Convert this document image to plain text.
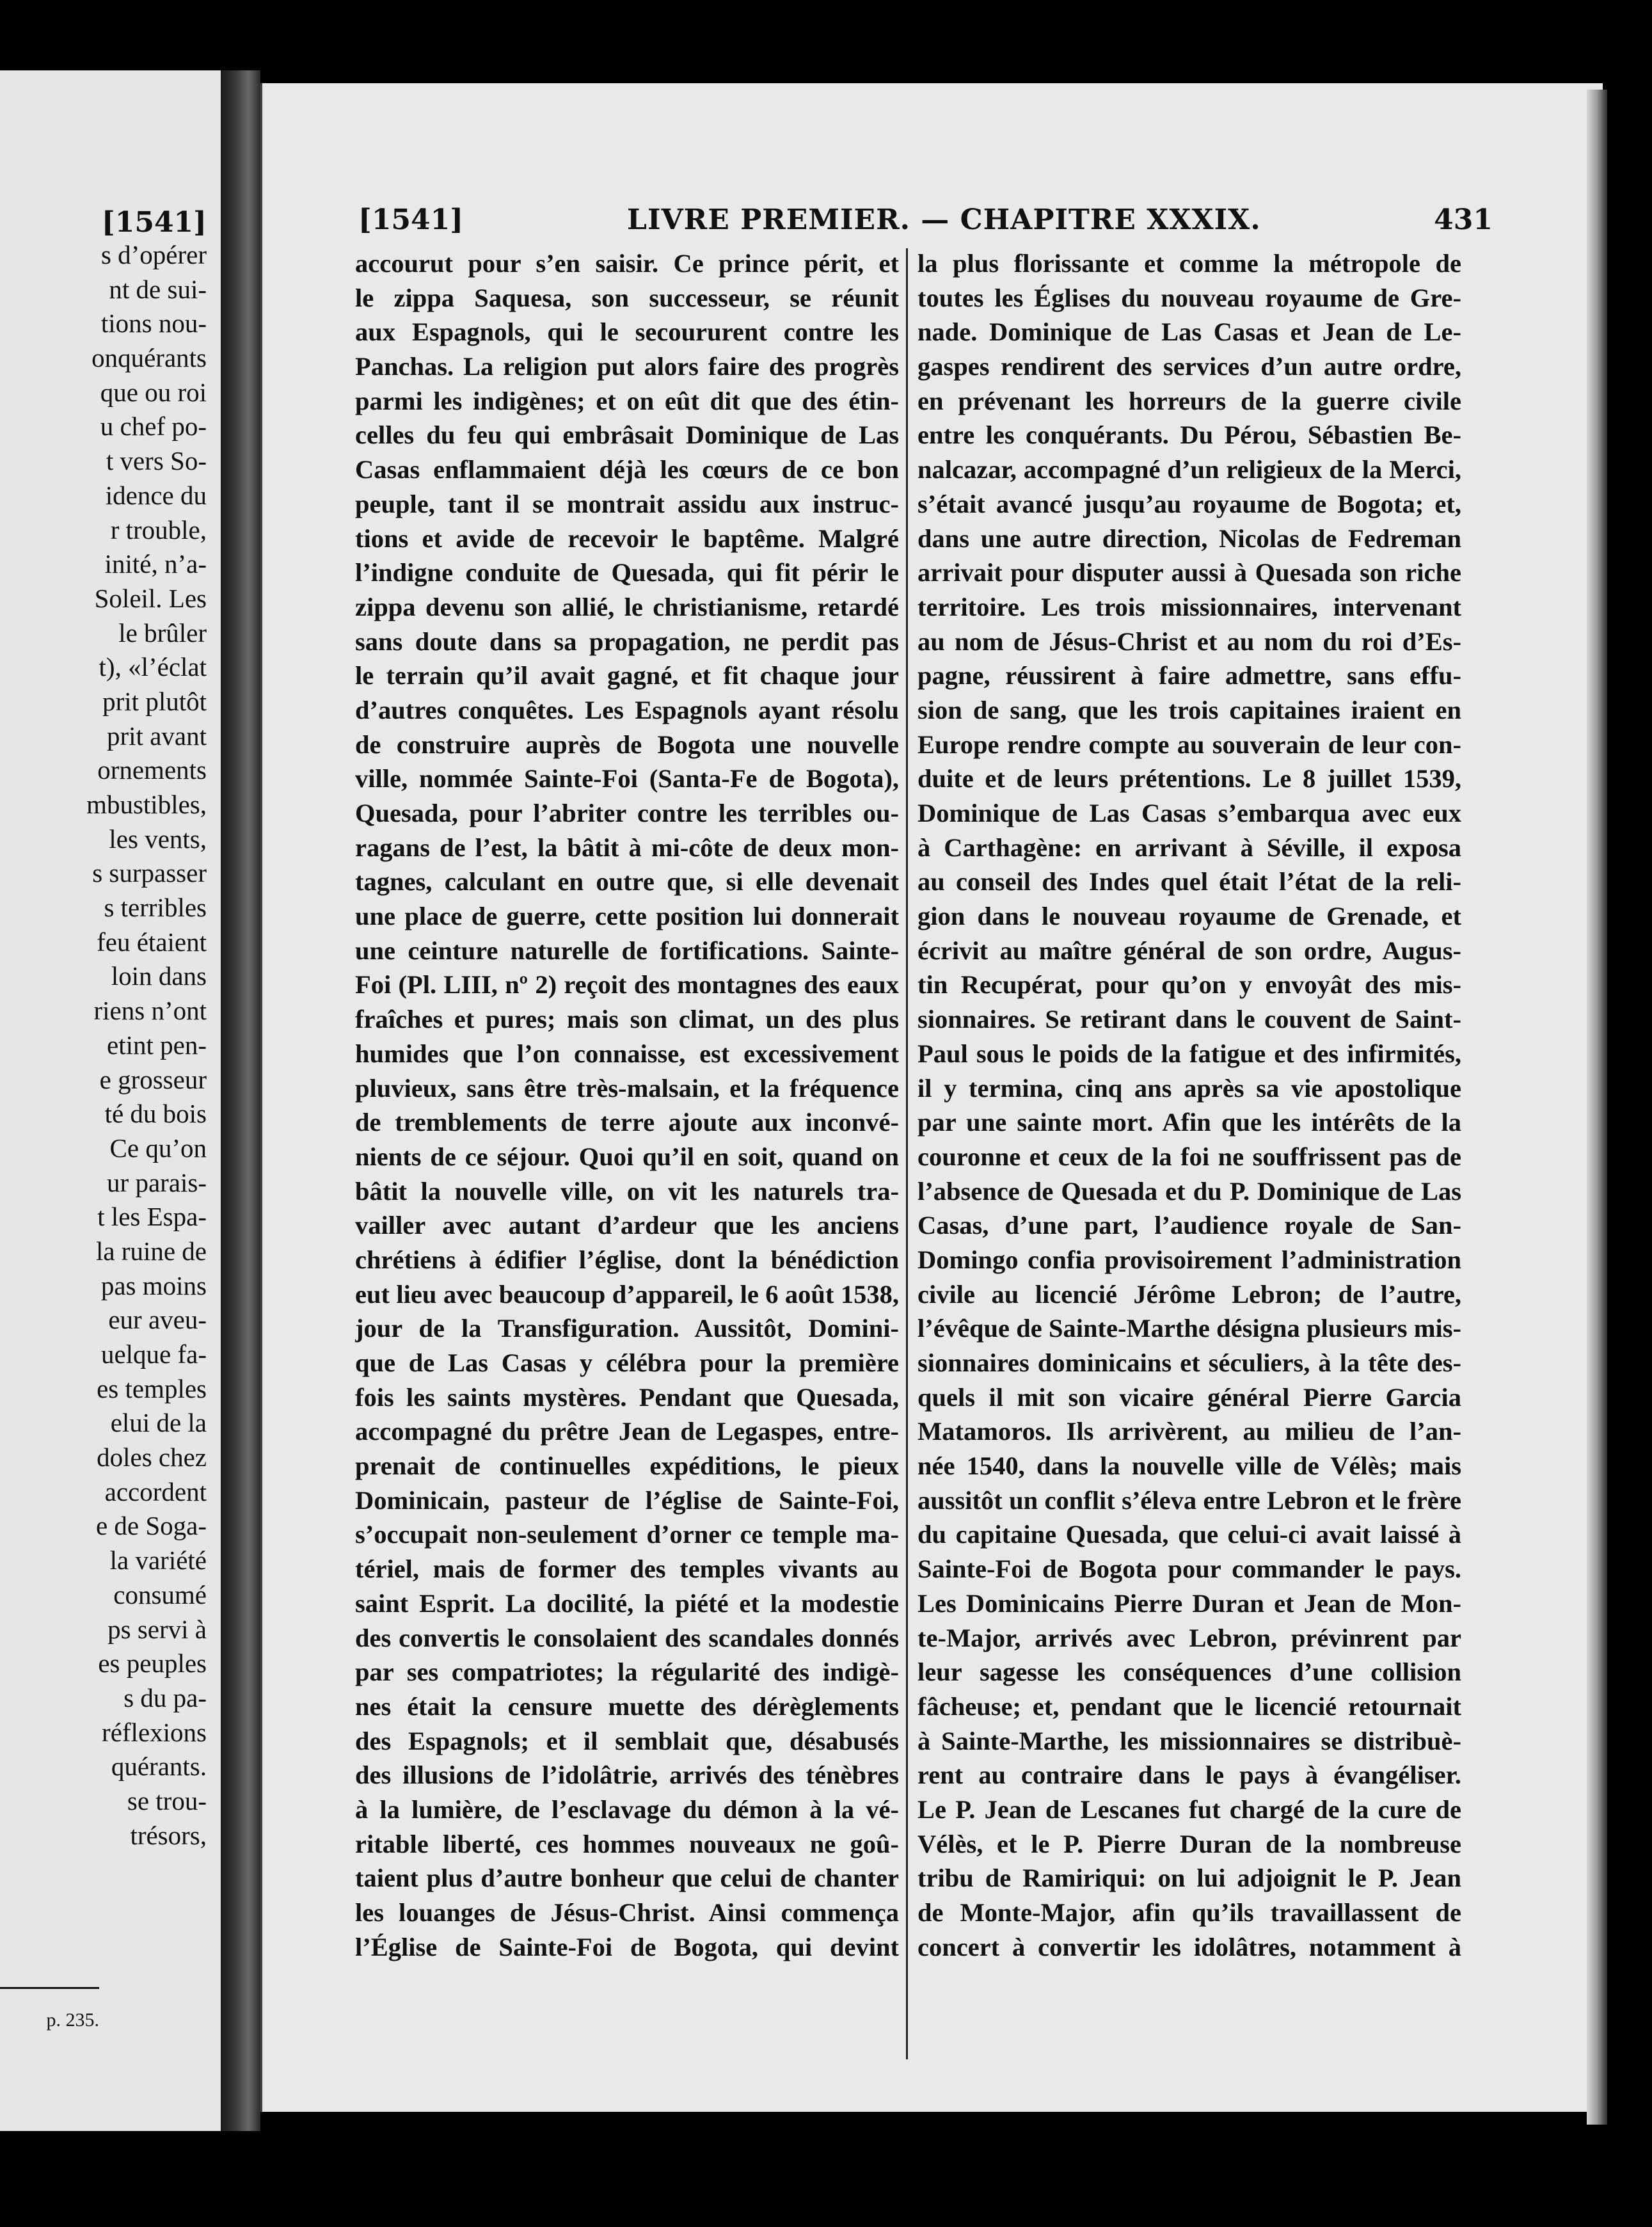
[1541]
s d’opérer
nt de sui-
tions nou-
onquérants
que ou roi
u chef po-
t vers So-
idence du
r trouble,
inité, n’a-
Soleil. Les
le brûler
t), «l’éclat
prit plutôt
prit avant
ornements
mbustibles,
les vents,
s surpasser
s terribles
feu étaient
loin dans
riens n’ont
etint pen-
e grosseur
té du bois
Ce qu’on
ur parais-
t les Espa-
la ruine de
pas moins
eur aveu-
uelque fa-
es temples
elui de la
doles chez
accordent
e de Soga-
la variété
consumé
ps servi à
es peuples
s du pa-
réflexions
quérants.
se trou-
trésors,
p. 235.
[1541]	LIVRE PREMIER. — CHAPITRE XXXIX.	431
accourut pour s’en saisir. Ce prince périt, et
le zippa Saquesa, son successeur, se réunit
aux Espagnols, qui le secoururent contre les
Panchas. La religion put alors faire des progrès
parmi les indigènes; et on eût dit que des étin-
celles du feu qui embrâsait Dominique de Las
Casas enflammaient déjà les cœurs de ce bon
peuple, tant il se montrait assidu aux instruc-
tions et avide de recevoir le baptême. Malgré
l’indigne conduite de Quesada, qui fit périr le
zippa devenu son allié, le christianisme, retardé
sans doute dans sa propagation, ne perdit pas
le terrain qu’il avait gagné, et fit chaque jour
d’autres conquêtes. Les Espagnols ayant résolu
de construire auprès de Bogota une nouvelle
ville, nommée Sainte-Foi (Santa-Fe de Bogota),
Quesada, pour l’abriter contre les terribles ou-
ragans de l’est, la bâtit à mi-côte de deux mon-
tagnes, calculant en outre que, si elle devenait
une place de guerre, cette position lui donnerait
une ceinture naturelle de fortifications. Sainte-
Foi (Pl. LIII, nº 2) reçoit des montagnes des eaux
fraîches et pures; mais son climat, un des plus
humides que l’on connaisse, est excessivement
pluvieux, sans être très-malsain, et la fréquence
de tremblements de terre ajoute aux inconvé-
nients de ce séjour. Quoi qu’il en soit, quand on
bâtit la nouvelle ville, on vit les naturels tra-
vailler avec autant d’ardeur que les anciens
chrétiens à édifier l’église, dont la bénédiction
eut lieu avec beaucoup d’appareil, le 6 août 1538,
jour de la Transfiguration. Aussitôt, Domini-
que de Las Casas y célébra pour la première
fois les saints mystères. Pendant que Quesada,
accompagné du prêtre Jean de Legaspes, entre-
prenait de continuelles expéditions, le pieux
Dominicain, pasteur de l’église de Sainte-Foi,
s’occupait non-seulement d’orner ce temple ma-
tériel, mais de former des temples vivants au
saint Esprit. La docilité, la piété et la modestie
des convertis le consolaient des scandales donnés
par ses compatriotes; la régularité des indigè-
nes était la censure muette des dérèglements
des Espagnols; et il semblait que, désabusés
des illusions de l’idolâtrie, arrivés des ténèbres
à la lumière, de l’esclavage du démon à la vé-
ritable liberté, ces hommes nouveaux ne goû-
taient plus d’autre bonheur que celui de chanter
les louanges de Jésus-Christ. Ainsi commença
l’Église de Sainte-Foi de Bogota, qui devint
la plus florissante et comme la métropole de
toutes les Églises du nouveau royaume de Gre-
nade. Dominique de Las Casas et Jean de Le-
gaspes rendirent des services d’un autre ordre,
en prévenant les horreurs de la guerre civile
entre les conquérants. Du Pérou, Sébastien Be-
nalcazar, accompagné d’un religieux de la Merci,
s’était avancé jusqu’au royaume de Bogota; et,
dans une autre direction, Nicolas de Fedreman
arrivait pour disputer aussi à Quesada son riche
territoire. Les trois missionnaires, intervenant
au nom de Jésus-Christ et au nom du roi d’Es-
pagne, réussirent à faire admettre, sans effu-
sion de sang, que les trois capitaines iraient en
Europe rendre compte au souverain de leur con-
duite et de leurs prétentions. Le 8 juillet 1539,
Dominique de Las Casas s’embarqua avec eux
à Carthagène: en arrivant à Séville, il exposa
au conseil des Indes quel était l’état de la reli-
gion dans le nouveau royaume de Grenade, et
écrivit au maître général de son ordre, Augus-
tin Recupérat, pour qu’on y envoyât des mis-
sionnaires. Se retirant dans le couvent de Saint-
Paul sous le poids de la fatigue et des infirmités,
il y termina, cinq ans après sa vie apostolique
par une sainte mort. Afin que les intérêts de la
couronne et ceux de la foi ne souffrissent pas de
l’absence de Quesada et du P. Dominique de Las
Casas, d’une part, l’audience royale de San-
Domingo confia provisoirement l’administration
civile au licencié Jérôme Lebron; de l’autre,
l’évêque de Sainte-Marthe désigna plusieurs mis-
sionnaires dominicains et séculiers, à la tête des-
quels il mit son vicaire général Pierre Garcia
Matamoros. Ils arrivèrent, au milieu de l’an-
née 1540, dans la nouvelle ville de Vélès; mais
aussitôt un conflit s’éleva entre Lebron et le frère
du capitaine Quesada, que celui-ci avait laissé à
Sainte-Foi de Bogota pour commander le pays.
Les Dominicains Pierre Duran et Jean de Mon-
te-Major, arrivés avec Lebron, prévinrent par
leur sagesse les conséquences d’une collision
fâcheuse; et, pendant que le licencié retournait
à Sainte-Marthe, les missionnaires se distribuè-
rent au contraire dans le pays à évangéliser.
Le P. Jean de Lescanes fut chargé de la cure de
Vélès, et le P. Pierre Duran de la nombreuse
tribu de Ramiriqui: on lui adjoignit le P. Jean
de Monte-Major, afin qu’ils travaillassent de
concert à convertir les idolâtres, notamment à
